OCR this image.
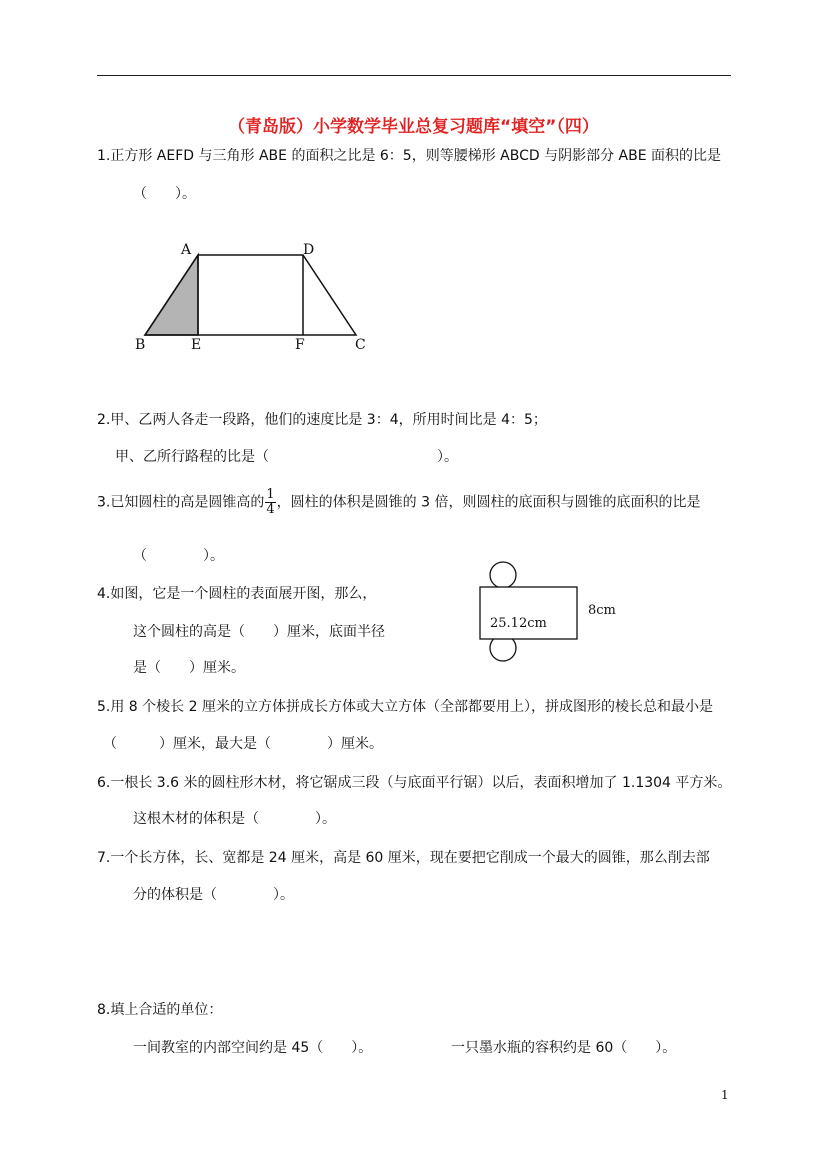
（青岛版）小学数学毕业总复习题库“填空”（四）
1.正方形 AEFD 与三角形 ABE 的面积之比是 6：5，则等腰梯形 ABCD 与阴影部分 ABE 面积的比是
（　　）。
A	D
B	E	F	C
2.甲、乙两人各走一段路，他们的速度比是 3：4，所用时间比是 4：5；
甲、乙所行路程的比是（　　　　　　　　　　　　）。
3.已知圆柱的高是圆锥高的 $\frac{1}{4}$ ，圆柱的体积是圆锥的 3 倍，则圆柱的底面积与圆锥的底面积的比是
（　　　　）。
4.如图，它是一个圆柱的表面展开图，那么，
这个圆柱的高是（　　）厘米，底面半径
是（　　）厘米。
25.12cm
8cm
5.用 8 个棱长 2 厘米的立方体拼成长方体或大立方体（全部都要用上），拼成图形的棱长总和最小是
（　　　）厘米，最大是（　　　　）厘米。
6.一根长 3.6 米的圆柱形木材，将它锯成三段（与底面平行锯）以后，表面积增加了 1.1304 平方米。
这根木材的体积是（　　　　）。
7.一个长方体，长、宽都是 24 厘米，高是 60 厘米，现在要把它削成一个最大的圆锥，那么削去部
分的体积是（　　　　）。
8.填上合适的单位：
一间教室的内部空间约是 45（　　）。	一只墨水瓶的容积约是 60（　　）。
1
